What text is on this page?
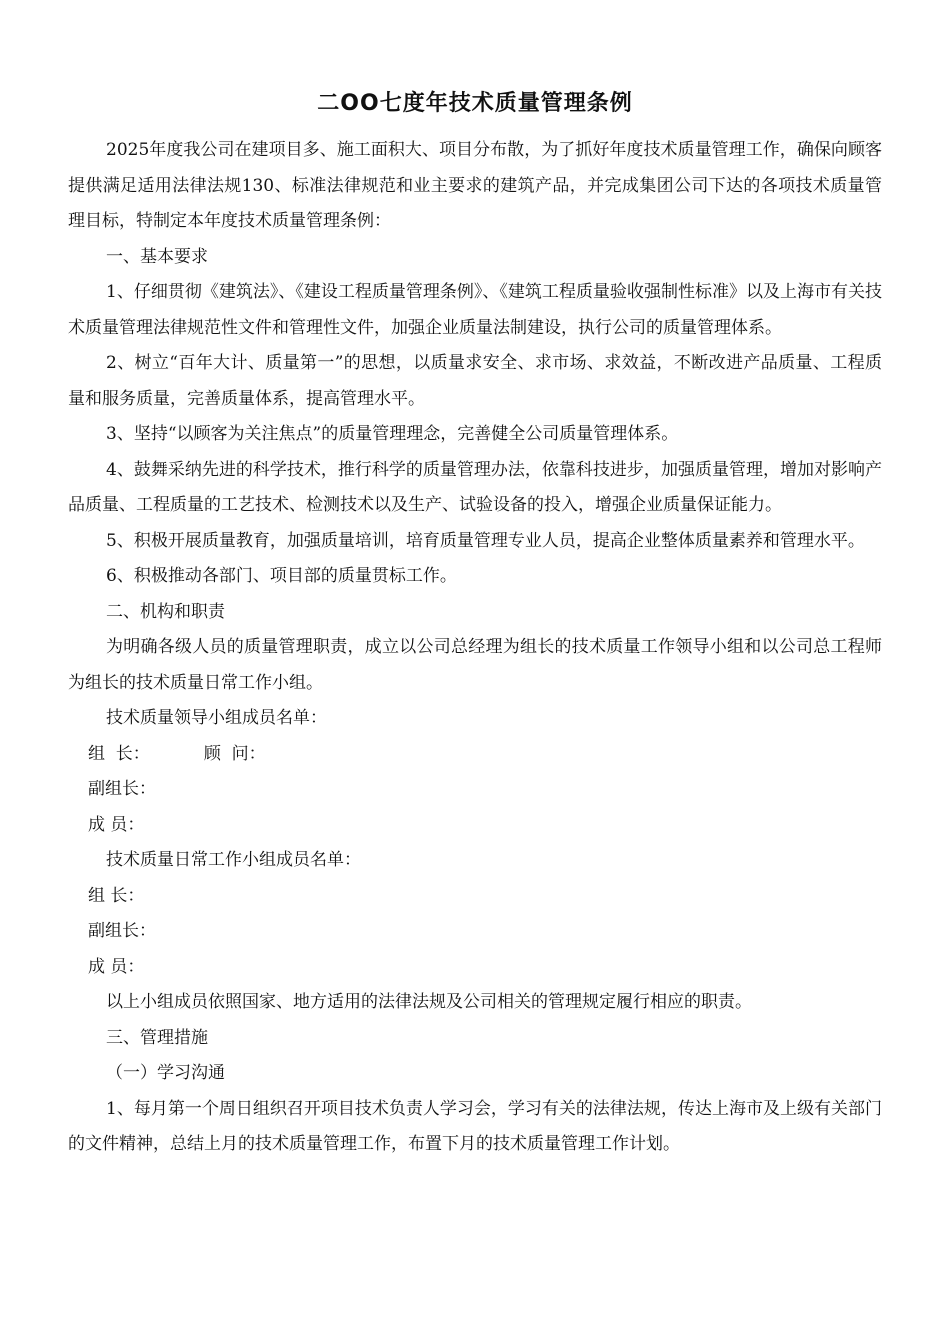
二OO七度年技术质量管理条例

2025年度我公司在建项目多、施工面积大、项目分布散，为了抓好年度技术质量管理工作，确保向顾客提供满足适用法律法规130、标准法律规范和业主要求的建筑产品，并完成集团公司下达的各项技术质量管理目标，特制定本年度技术质量管理条例：

一、基本要求

1、仔细贯彻《建筑法》、《建设工程质量管理条例》、《建筑工程质量验收强制性标准》以及上海市有关技术质量管理法律规范性文件和管理性文件，加强企业质量法制建设，执行公司的质量管理体系。

2、树立“百年大计、质量第一”的思想，以质量求安全、求市场、求效益，不断改进产品质量、工程质量和服务质量，完善质量体系，提高管理水平。

3、坚持“以顾客为关注焦点”的质量管理理念，完善健全公司质量管理体系。

4、鼓舞采纳先进的科学技术，推行科学的质量管理办法，依靠科技进步，加强质量管理，增加对影响产品质量、工程质量的工艺技术、检测技术以及生产、试验设备的投入，增强企业质量保证能力。

5、积极开展质量教育，加强质量培训，培育质量管理专业人员，提高企业整体质量素养和管理水平。

6、积极推动各部门、项目部的质量贯标工作。

二、机构和职责

为明确各级人员的质量管理职责，成立以公司总经理为组长的技术质量工作领导小组和以公司总工程师为组长的技术质量日常工作小组。

技术质量领导小组成员名单：

组  长：	顾  问：

副组长：

成 员：

技术质量日常工作小组成员名单：

组 长：

副组长：

成 员：

以上小组成员依照国家、地方适用的法律法规及公司相关的管理规定履行相应的职责。

三、管理措施

（一）学习沟通

1、每月第一个周日组织召开项目技术负责人学习会，学习有关的法律法规，传达上海市及上级有关部门的文件精神，总结上月的技术质量管理工作，布置下月的技术质量管理工作计划。
